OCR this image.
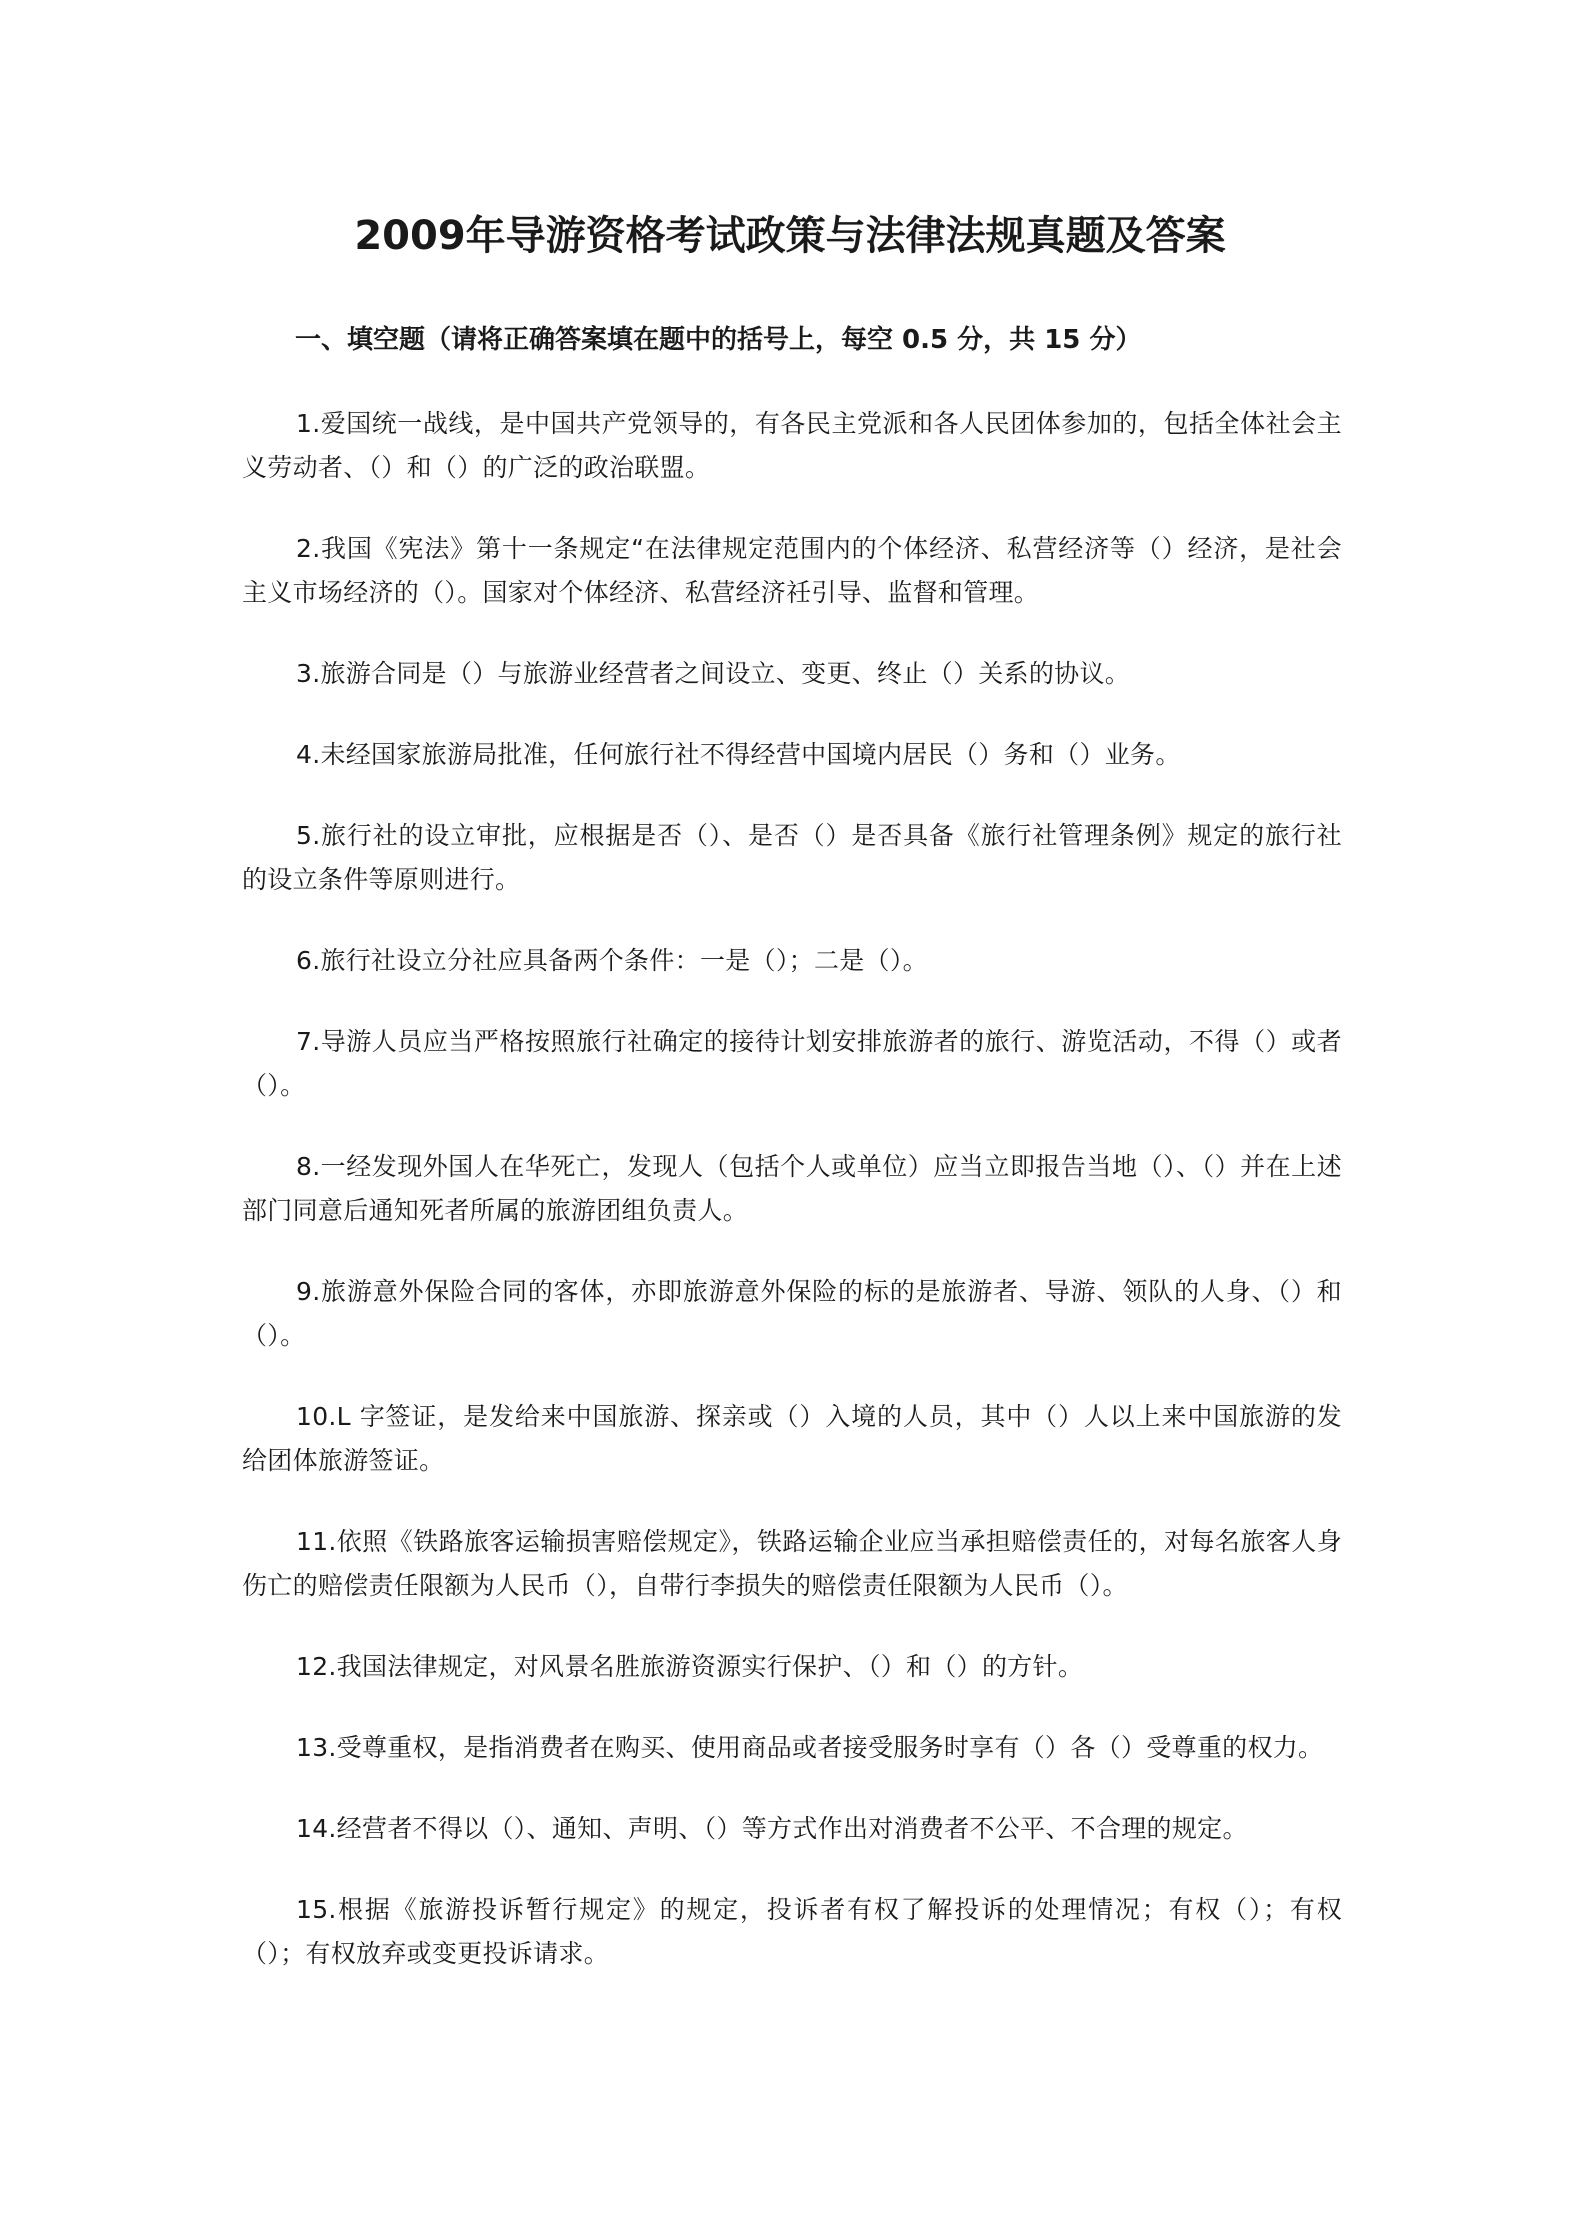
2009年导游资格考试政策与法律法规真题及答案

一、填空题（请将正确答案填在题中的括号上，每空 0.5 分，共 15 分）

1.爱国统一战线，是中国共产党领导的，有各民主党派和各人民团体参加的，包括全体社会主义劳动者、（）和（）的广泛的政治联盟。
2.我国《宪法》第十一条规定“在法律规定范围内的个体经济、私营经济等（）经济，是社会主义市场经济的（）。国家对个体经济、私营经济祍引导、监督和管理。
3.旅游合同是（）与旅游业经营者之间设立、变更、终止（）关系的协议。
4.未经国家旅游局批准，任何旅行社不得经营中国境内居民（）务和（）业务。
5.旅行社的设立审批，应根据是否（）、是否（）是否具备《旅行社管理条例》规定的旅行社的设立条件等原则进行。
6.旅行社设立分社应具备两个条件：一是（）；二是（）。
7.导游人员应当严格按照旅行社确定的接待计划安排旅游者的旅行、游览活动，不得（）或者（）。
8.一经发现外国人在华死亡，发现人（包括个人或单位）应当立即报告当地（）、（）并在上述部门同意后通知死者所属的旅游团组负责人。
9.旅游意外保险合同的客体，亦即旅游意外保险的标的是旅游者、导游、领队的人身、（）和（）。
10.L 字签证，是发给来中国旅游、探亲或（）入境的人员，其中（）人以上来中国旅游的发给团体旅游签证。
11.依照《铁路旅客运输损害赔偿规定》，铁路运输企业应当承担赔偿责任的，对每名旅客人身伤亡的赔偿责任限额为人民币（），自带行李损失的赔偿责任限额为人民币（）。
12.我国法律规定，对风景名胜旅游资源实行保护、（）和（）的方针。
13.受尊重权，是指消费者在购买、使用商品或者接受服务时享有（）各（）受尊重的权力。
14.经营者不得以（）、通知、声明、（）等方式作出对消费者不公平、不合理的规定。
15.根据《旅游投诉暂行规定》的规定，投诉者有权了解投诉的处理情况；有权（）；有权（）；有权放弃或变更投诉请求。
